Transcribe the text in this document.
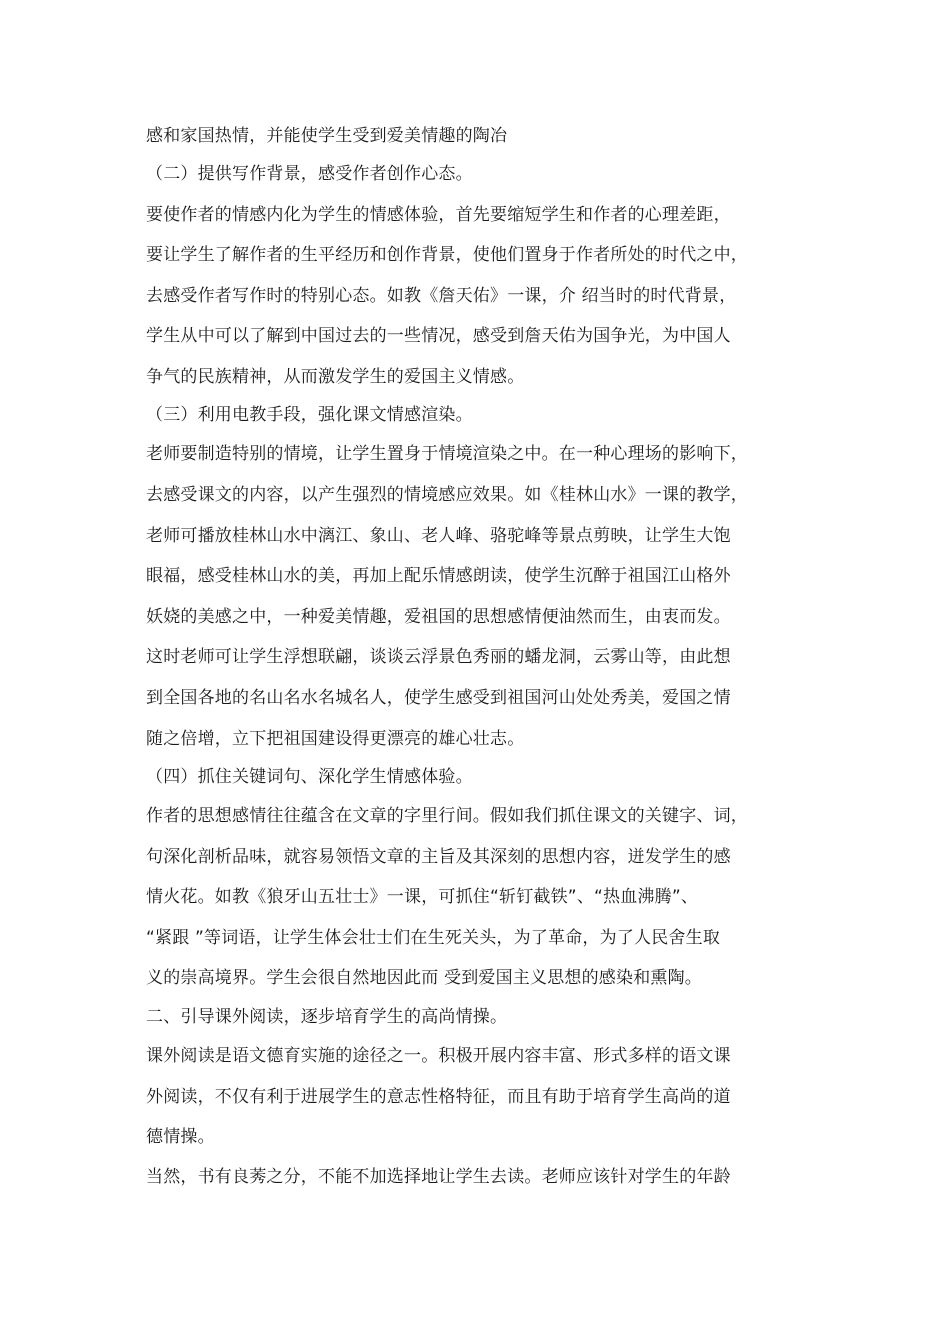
感和家国热情，并能使学生受到爱美情趣的陶冶
（二）提供写作背景，感受作者创作心态。
要使作者的情感内化为学生的情感体验，首先要缩短学生和作者的心理差距，
要让学生了解作者的生平经历和创作背景，使他们置身于作者所处的时代之中，
去感受作者写作时的特别心态。如教《詹天佑》一课，介 绍当时的时代背景，
学生从中可以了解到中国过去的一些情况，感受到詹天佑为国争光，为中国人
争气的民族精神，从而激发学生的爱国主义情感。
（三）利用电教手段，强化课文情感渲染。
老师要制造特别的情境，让学生置身于情境渲染之中。在一种心理场的影响下，
去感受课文的内容，以产生强烈的情境感应效果。如《桂林山水》一课的教学，
老师可播放桂林山水中漓江、象山、老人峰、骆驼峰等景点剪映，让学生大饱
眼福，感受桂林山水的美，再加上配乐情感朗读，使学生沉醉于祖国江山格外
妖娆的美感之中，一种爱美情趣，爱祖国的思想感情便油然而生，由衷而发。
这时老师可让学生浮想联翩，谈谈云浮景色秀丽的蟠龙洞，云雾山等，由此想
到全国各地的名山名水名城名人，使学生感受到祖国河山处处秀美，爱国之情
随之倍增，立下把祖国建设得更漂亮的雄心壮志。
（四）抓住关键词句、深化学生情感体验。
作者的思想感情往往蕴含在文章的字里行间。假如我们抓住课文的关键字、词，
句深化剖析品味，就容易领悟文章的主旨及其深刻的思想内容，迸发学生的感
情火花。如教《狼牙山五壮士》一课，可抓住“斩钉截铁”、“热血沸腾”、
“紧跟 ”等词语，让学生体会壮士们在生死关头，为了革命，为了人民舍生取
义的崇高境界。学生会很自然地因此而 受到爱国主义思想的感染和熏陶。
二、引导课外阅读，逐步培育学生的高尚情操。
课外阅读是语文德育实施的途径之一。积极开展内容丰富、形式多样的语文课
外阅读，不仅有利于进展学生的意志性格特征，而且有助于培育学生高尚的道
德情操。
当然，书有良莠之分，不能不加选择地让学生去读。老师应该针对学生的年龄
